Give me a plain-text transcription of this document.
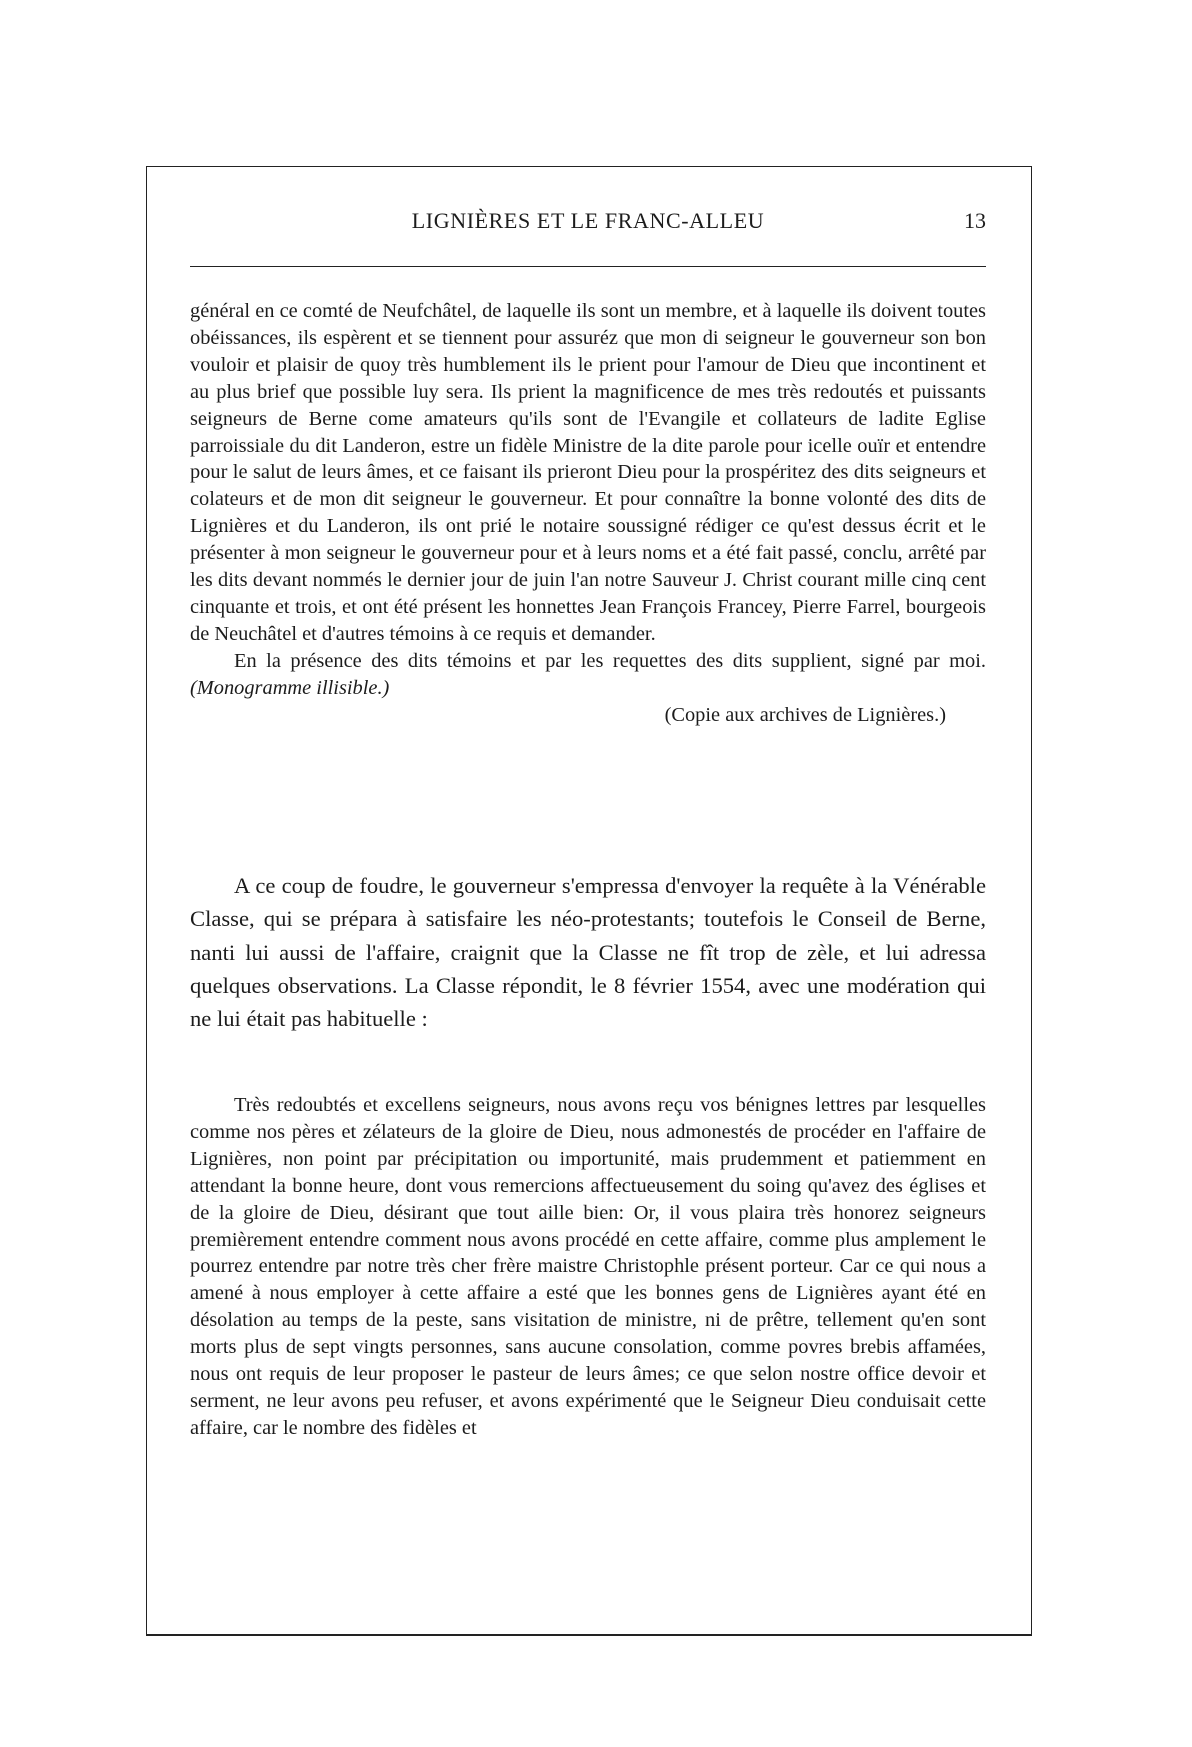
LIGNIÈRES ET LE FRANC-ALLEU	13

général en ce comté de Neufchâtel, de laquelle ils sont un membre, et à laquelle ils doivent toutes obéissances, ils espèrent et se tiennent pour assuréz que mon di seigneur le gouverneur son bon vouloir et plaisir de quoy très humblement ils le prient pour l'amour de Dieu que incontinent et au plus brief que possible luy sera. Ils prient la magnificence de mes très redoutés et puissants seigneurs de Berne come amateurs qu'ils sont de l'Evangile et collateurs de ladite Eglise parroissiale du dit Landeron, estre un fidèle Ministre de la dite parole pour icelle ouïr et entendre pour le salut de leurs âmes, et ce faisant ils prieront Dieu pour la prospéritez des dits seigneurs et colateurs et de mon dit seigneur le gouverneur. Et pour connaître la bonne volonté des dits de Lignières et du Landeron, ils ont prié le notaire soussigné rédiger ce qu'est dessus écrit et le présenter à mon seigneur le gouverneur pour et à leurs noms et a été fait passé, conclu, arrêté par les dits devant nommés le dernier jour de juin l'an notre Sauveur J. Christ courant mille cinq cent cinquante et trois, et ont été présent les honnettes Jean François Francey, Pierre Farrel, bourgeois de Neuchâtel et d'autres témoins à ce requis et demander.

En la présence des dits témoins et par les requettes des dits supplient, signé par moi. (Monogramme illisible.)

(Copie aux archives de Lignières.)

A ce coup de foudre, le gouverneur s'empressa d'envoyer la requête à la Vénérable Classe, qui se prépara à satisfaire les néo-protestants; toutefois le Conseil de Berne, nanti lui aussi de l'affaire, craignit que la Classe ne fît trop de zèle, et lui adressa quelques observations. La Classe répondit, le 8 février 1554, avec une modération qui ne lui était pas habituelle :

Très redoubtés et excellens seigneurs, nous avons reçu vos bénignes lettres par lesquelles comme nos pères et zélateurs de la gloire de Dieu, nous admonestés de procéder en l'affaire de Lignières, non point par précipitation ou importunité, mais prudemment et patiemment en attendant la bonne heure, dont vous remercions affectueusement du soing qu'avez des églises et de la gloire de Dieu, désirant que tout aille bien: Or, il vous plaira très honorez seigneurs premièrement entendre comment nous avons procédé en cette affaire, comme plus amplement le pourrez entendre par notre très cher frère maistre Christophle présent porteur. Car ce qui nous a amené à nous employer à cette affaire a esté que les bonnes gens de Lignières ayant été en désolation au temps de la peste, sans visitation de ministre, ni de prêtre, tellement qu'en sont morts plus de sept vingts personnes, sans aucune consolation, comme povres brebis affamées, nous ont requis de leur proposer le pasteur de leurs âmes; ce que selon nostre office devoir et serment, ne leur avons peu refuser, et avons expérimenté que le Seigneur Dieu conduisait cette affaire, car le nombre des fidèles et
